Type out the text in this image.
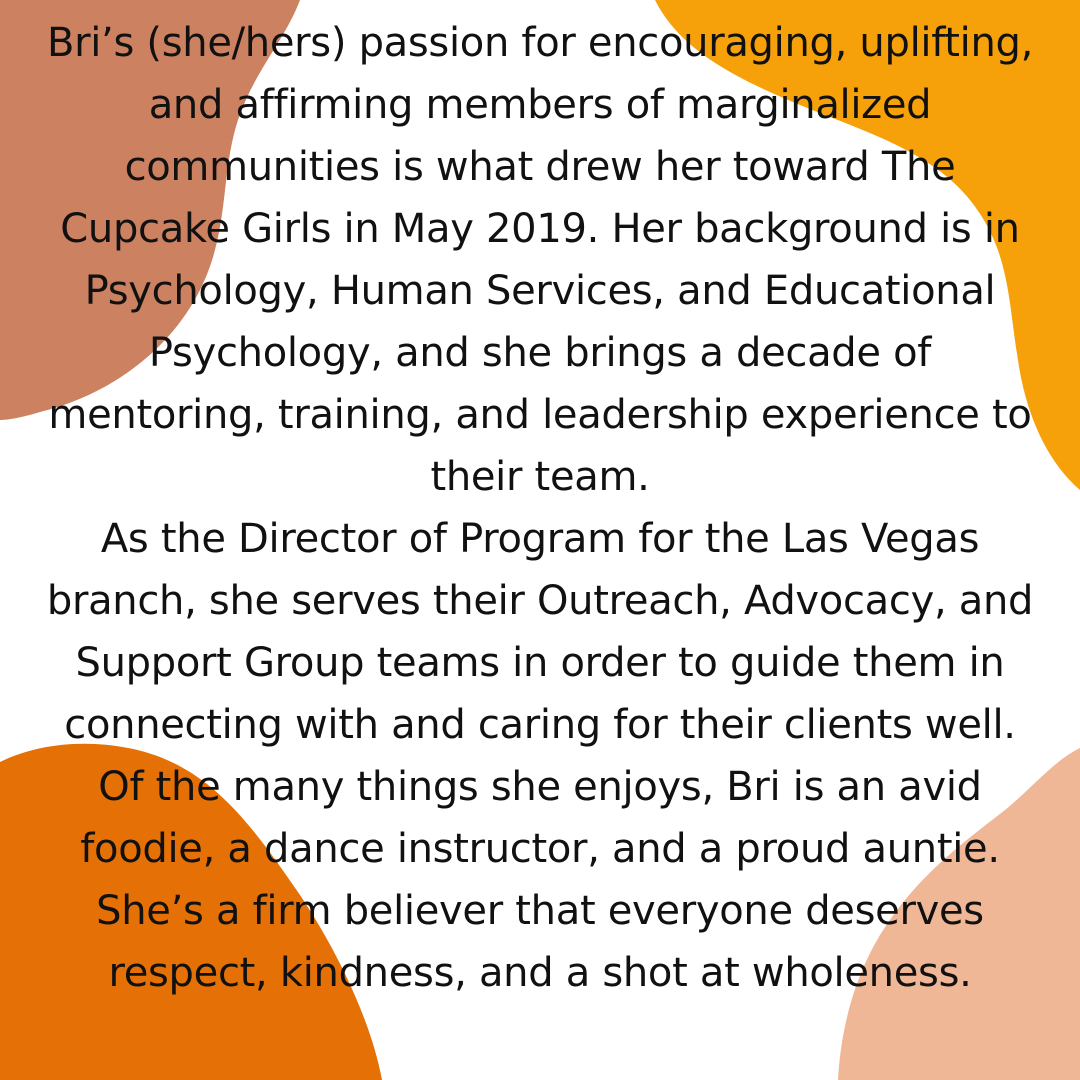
Bri’s (she/hers) passion for encouraging, uplifting, and affirming members of marginalized communities is what drew her toward The Cupcake Girls in May 2019. Her background is in Psychology, Human Services, and Educational Psychology, and she brings a decade of mentoring, training, and leadership experience to their team.

As the Director of Program for the Las Vegas branch, she serves their Outreach, Advocacy, and Support Group teams in order to guide them in connecting with and caring for their clients well.

Of the many things she enjoys, Bri is an avid foodie, a dance instructor, and a proud auntie. She’s a firm believer that everyone deserves respect, kindness, and a shot at wholeness.
